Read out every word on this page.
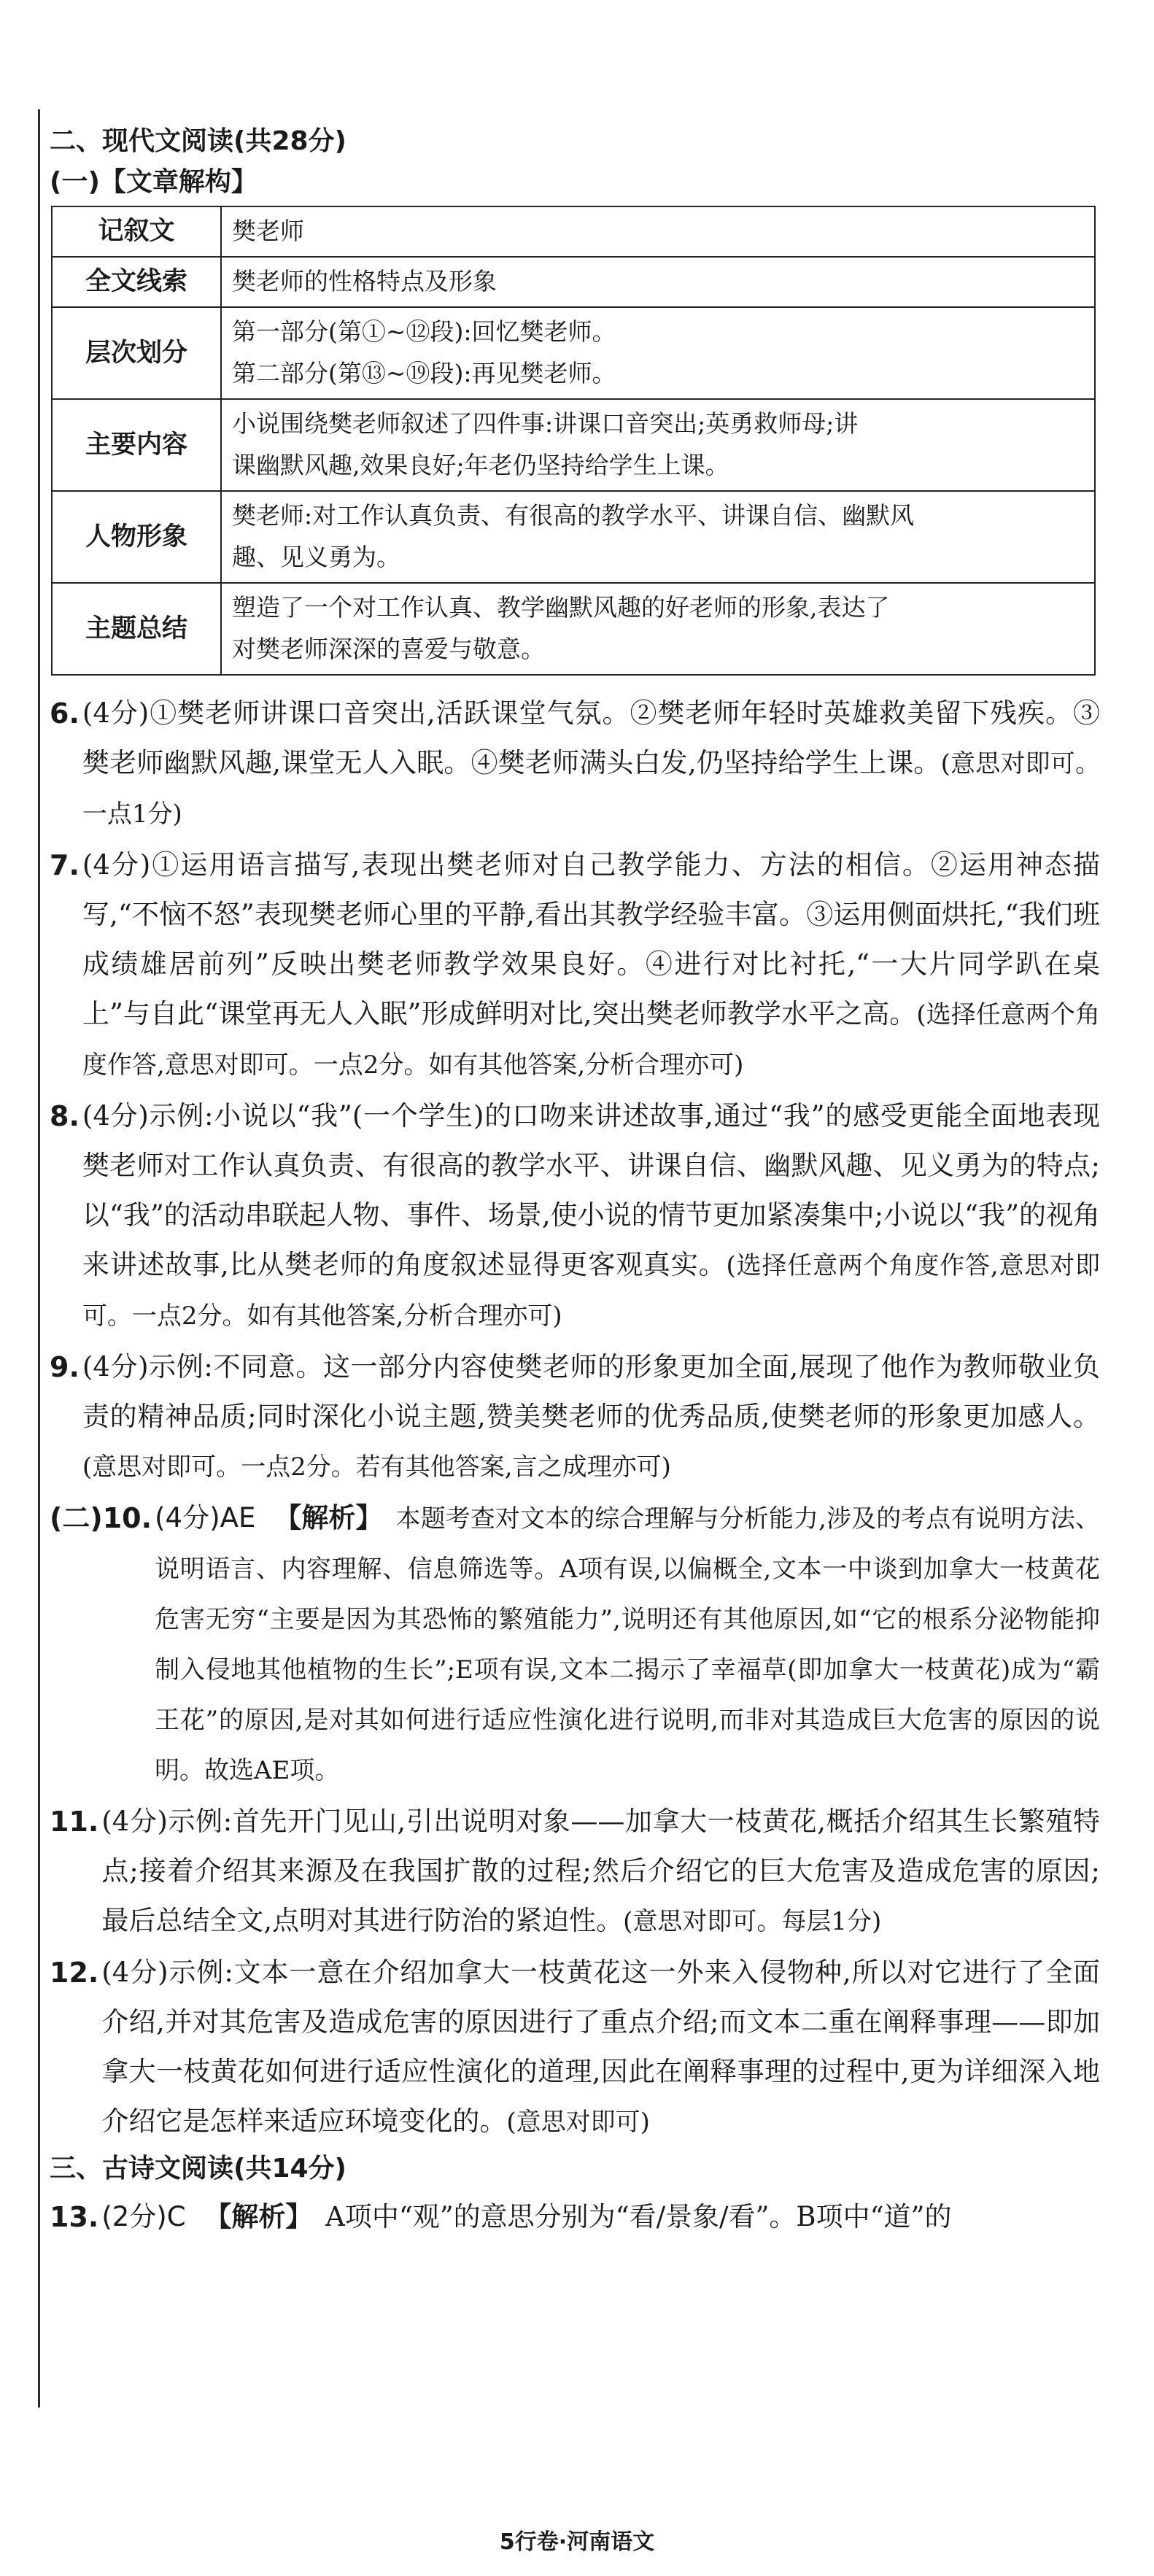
二、现代文阅读(共28分)
(一)【文章解构】
记叙文	樊老师

全文线索	樊老师的性格特点及形象

层次划分	第一部分(第①~⑫段):回忆樊老师。
第二部分(第⑬~⑲段):再见樊老师。

主要内容	小说围绕樊老师叙述了四件事:讲课口音突出;英勇救师母;讲
课幽默风趣,效果良好;年老仍坚持给学生上课。

人物形象	樊老师:对工作认真负责、有很高的教学水平、讲课自信、幽默风
趣、见义勇为。

主题总结	塑造了一个对工作认真、教学幽默风趣的好老师的形象,表达了
对樊老师深深的喜爱与敬意。
6. (4分)①樊老师讲课口音突出,活跃课堂气氛。②樊老师年轻时英雄救美留下残疾。③樊老师幽默风趣,课堂无人入眠。④樊老师满头白发,仍坚持给学生上课。(意思对即可。一点1分)
7. (4分)①运用语言描写,表现出樊老师对自己教学能力、方法的相信。②运用神态描写,“不恼不怒”表现樊老师心里的平静,看出其教学经验丰富。③运用侧面烘托,“我们班成绩雄居前列”反映出樊老师教学效果良好。④进行对比衬托,“一大片同学趴在桌上”与自此“课堂再无人入眠”形成鲜明对比,突出樊老师教学水平之高。(选择任意两个角度作答,意思对即可。一点2分。如有其他答案,分析合理亦可)
8. (4分)示例:小说以“我”(一个学生)的口吻来讲述故事,通过“我”的感受更能全面地表现樊老师对工作认真负责、有很高的教学水平、讲课自信、幽默风趣、见义勇为的特点;以“我”的活动串联起人物、事件、场景,使小说的情节更加紧凑集中;小说以“我”的视角来讲述故事,比从樊老师的角度叙述显得更客观真实。(选择任意两个角度作答,意思对即可。一点2分。如有其他答案,分析合理亦可)
9. (4分)示例:不同意。这一部分内容使樊老师的形象更加全面,展现了他作为教师敬业负责的精神品质;同时深化小说主题,赞美樊老师的优秀品质,使樊老师的形象更加感人。(意思对即可。一点2分。若有其他答案,言之成理亦可)
(二)10. (4分)AE 【解析】 本题考查对文本的综合理解与分析能力,涉及的考点有说明方法、说明语言、内容理解、信息筛选等。A项有误,以偏概全,文本一中谈到加拿大一枝黄花危害无穷“主要是因为其恐怖的繁殖能力”,说明还有其他原因,如“它的根系分泌物能抑制入侵地其他植物的生长”;E项有误,文本二揭示了幸福草(即加拿大一枝黄花)成为“霸王花”的原因,是对其如何进行适应性演化进行说明,而非对其造成巨大危害的原因的说明。故选AE项。
11. (4分)示例:首先开门见山,引出说明对象——加拿大一枝黄花,概括介绍其生长繁殖特点;接着介绍其来源及在我国扩散的过程;然后介绍它的巨大危害及造成危害的原因;最后总结全文,点明对其进行防治的紧迫性。(意思对即可。每层1分)
12. (4分)示例:文本一意在介绍加拿大一枝黄花这一外来入侵物种,所以对它进行了全面介绍,并对其危害及造成危害的原因进行了重点介绍;而文本二重在阐释事理——即加拿大一枝黄花如何进行适应性演化的道理,因此在阐释事理的过程中,更为详细深入地介绍它是怎样来适应环境变化的。(意思对即可)
三、古诗文阅读(共14分)
13. (2分)C 【解析】 A项中“观”的意思分别为“看/景象/看”。B项中“道”的
5行卷·河南语文
